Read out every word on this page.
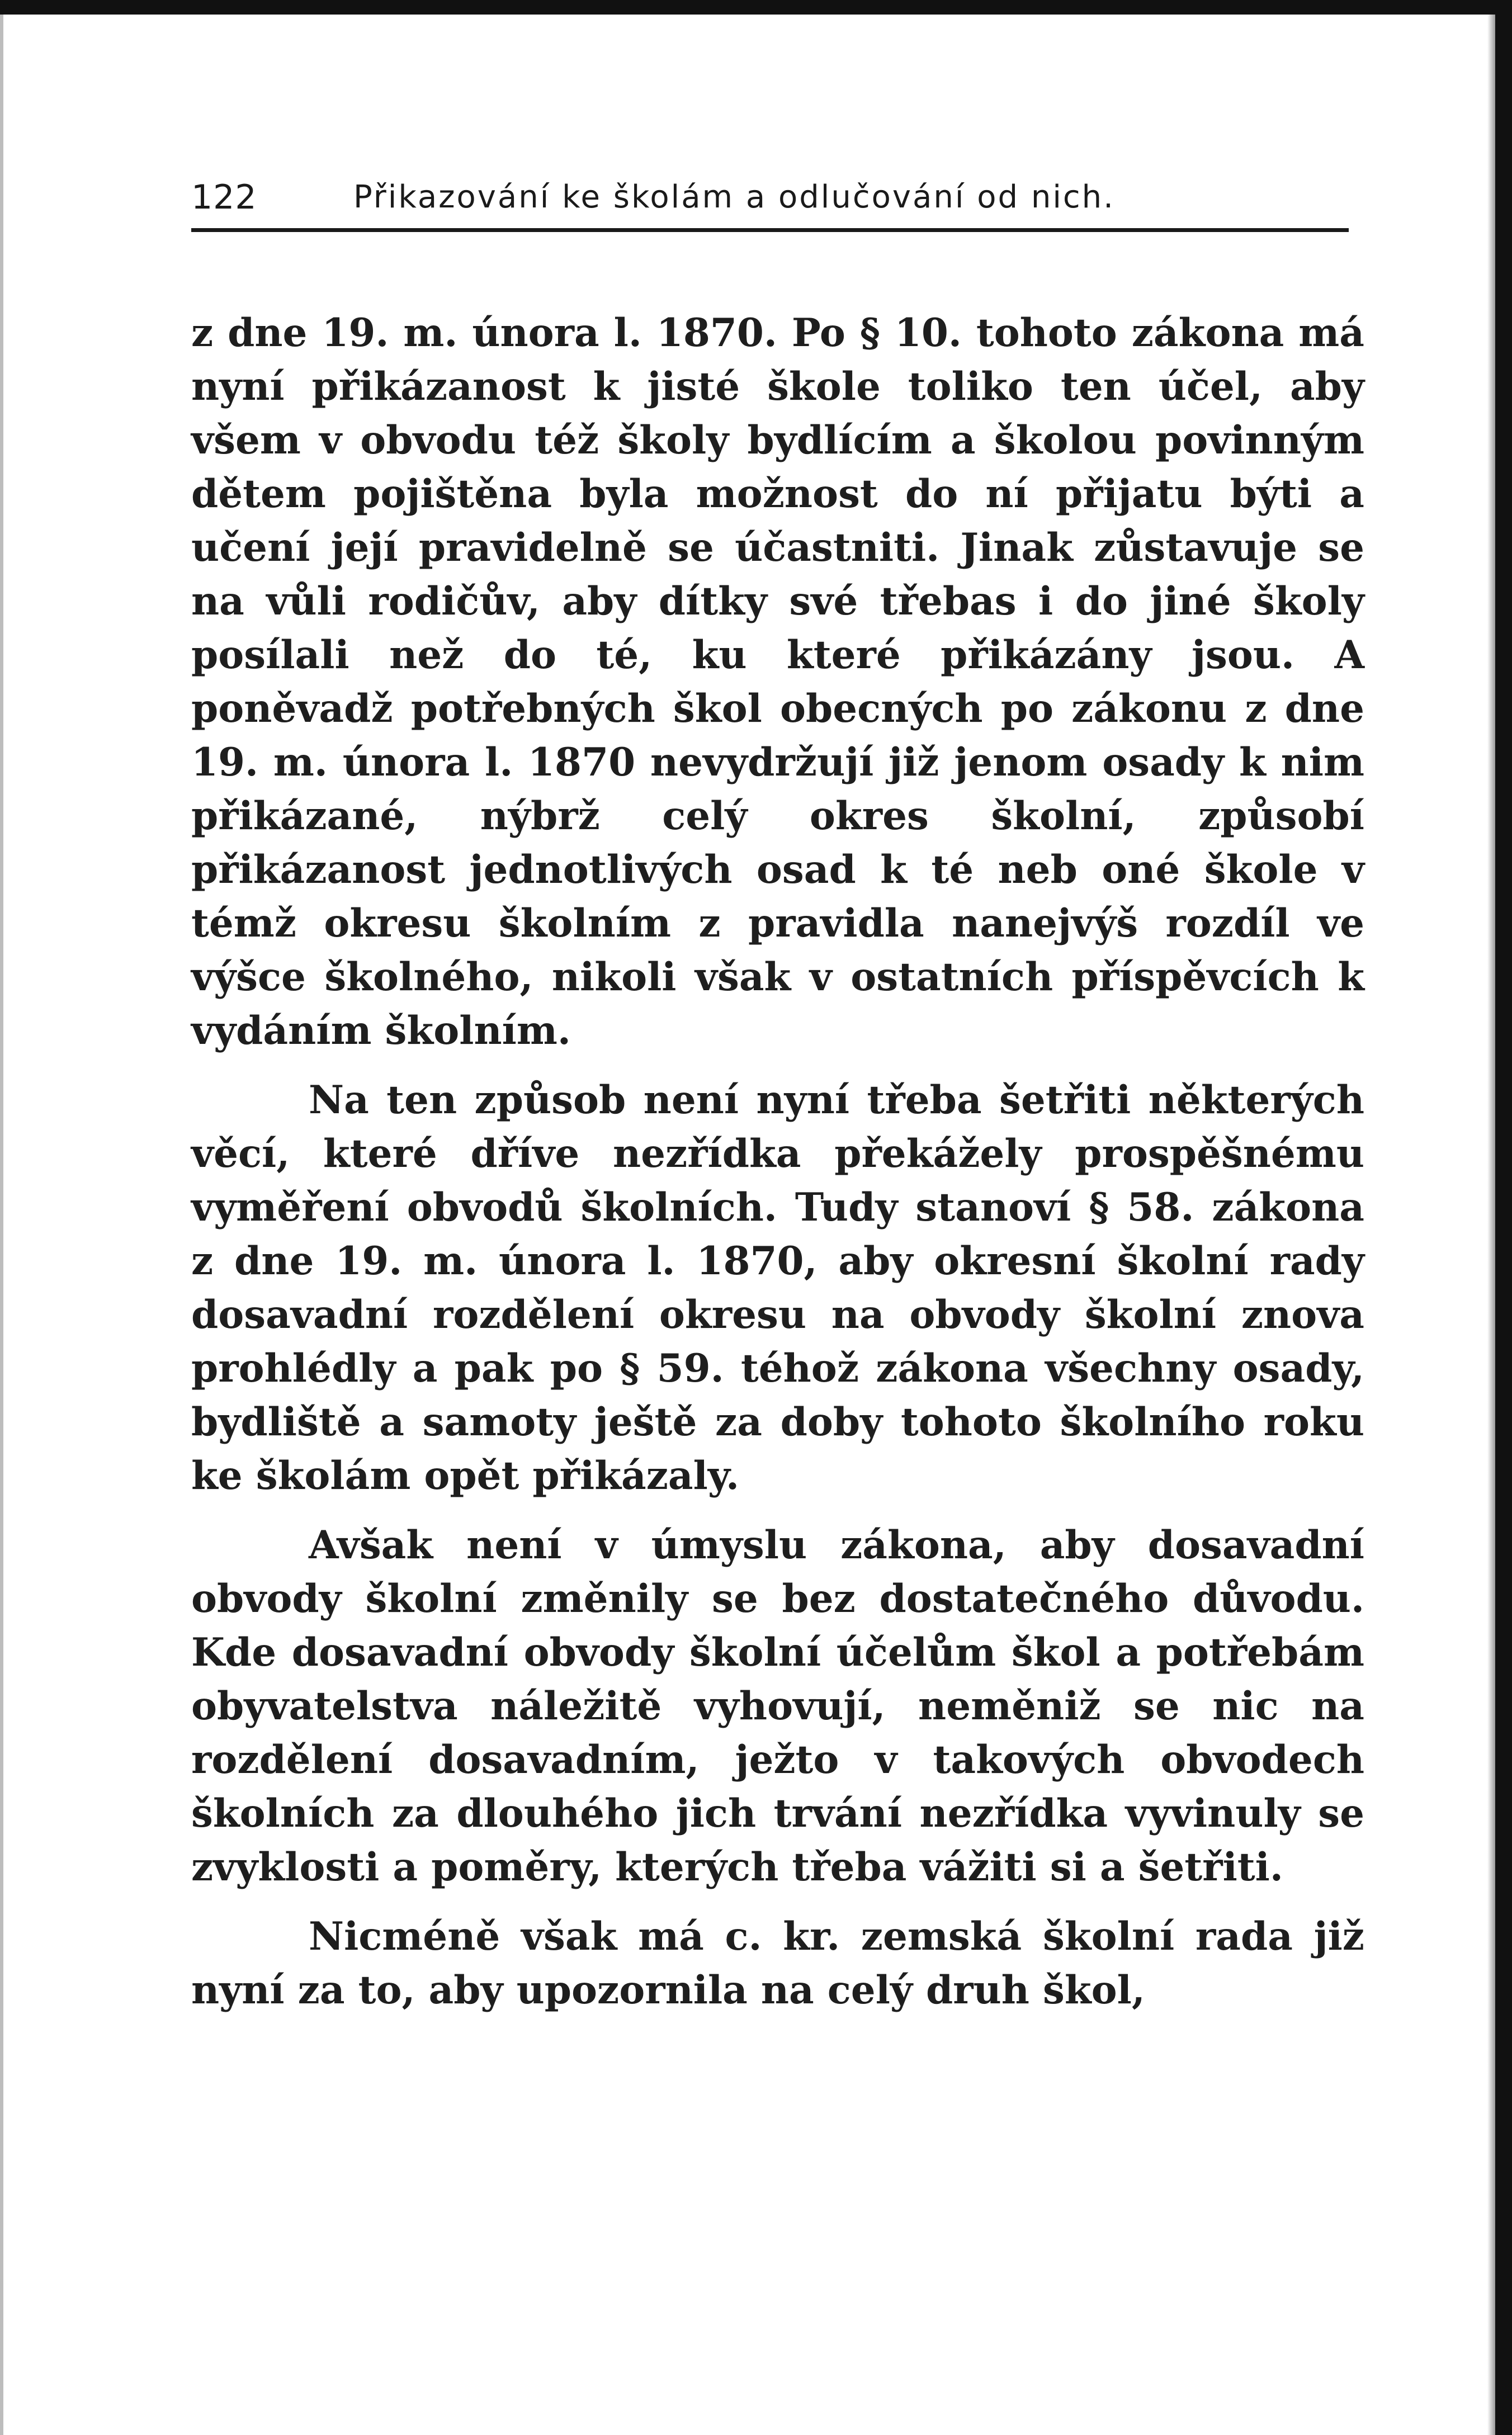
122	Přikazování ke školám a odlučování od nich.

z dne 19. m. února l. 1870. Po § 10. tohoto zákona má nyní přikázanost k jisté škole toliko ten účel, aby všem v obvodu též školy bydlícím a školou povinným dětem pojištěna byla možnost do ní přijatu býti a učení její pravidelně se účastniti. Jinak zůstavuje se na vůli rodičův, aby dítky své třebas i do jiné školy posílali než do té, ku které přikázány jsou. A poněvadž potřebných škol obecných po zákonu z dne 19. m. února l. 1870 nevydržují již jenom osady k nim přikázané, nýbrž celý okres školní, způsobí přikázanost jednotlivých osad k té neb oné škole v témž okresu školním z pravidla nanejvýš rozdíl ve výšce školného, nikoli však v ostatních příspěvcích k vydáním školním.

Na ten způsob není nyní třeba šetřiti některých věcí, které dříve nezřídka překážely prospěšnému vyměření obvodů školních. Tudy stanoví § 58. zákona z dne 19. m. února l. 1870, aby okresní školní rady dosavadní rozdělení okresu na obvody školní znova prohlédly a pak po § 59. téhož zákona všechny osady, bydliště a samoty ještě za doby tohoto školního roku ke školám opět přikázaly.

Avšak není v úmyslu zákona, aby dosavadní obvody školní změnily se bez dostatečného důvodu. Kde dosavadní obvody školní účelům škol a potřebám obyvatelstva náležitě vyhovují, neměniž se nic na rozdělení dosavadním, ježto v takových obvodech školních za dlouhého jich trvání nezřídka vyvinuly se zvyklosti a poměry, kterých třeba vážiti si a šetřiti.

Nicméně však má c. kr. zemská školní rada již nyní za to, aby upozornila na celý druh škol,
